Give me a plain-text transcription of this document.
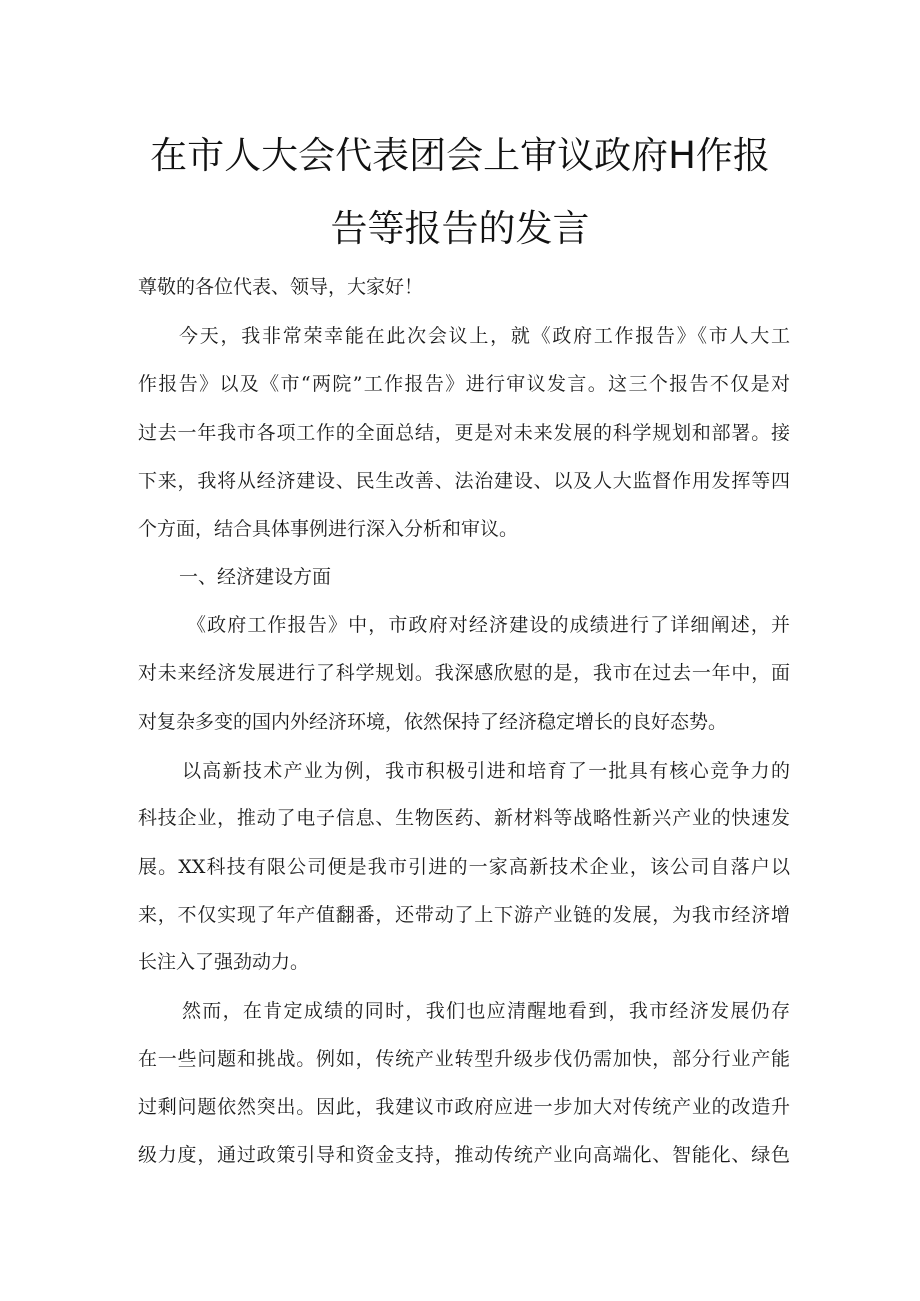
在市人大会代表团会上审议政府H作报
告等报告的发言
尊敬的各位代表、领导，大家好！
今天，我非常荣幸能在此次会议上，就《政府工作报告》《市人大工
作报告》以及《市“两院”工作报告》进行审议发言。这三个报告不仅是对
过去一年我市各项工作的全面总结，更是对未来发展的科学规划和部署。接
下来，我将从经济建设、民生改善、法治建设、以及人大监督作用发挥等四
个方面，结合具体事例进行深入分析和审议。
一、经济建设方面
《政府工作报告》中，市政府对经济建设的成绩进行了详细阐述，并
对未来经济发展进行了科学规划。我深感欣慰的是，我市在过去一年中，面
对复杂多变的国内外经济环境，依然保持了经济稳定增长的良好态势。
以高新技术产业为例，我市积极引进和培育了一批具有核心竞争力的
科技企业，推动了电子信息、生物医药、新材料等战略性新兴产业的快速发
展。XX科技有限公司便是我市引进的一家高新技术企业，该公司自落户以
来，不仅实现了年产值翻番，还带动了上下游产业链的发展，为我市经济增
长注入了强劲动力。
然而，在肯定成绩的同时，我们也应清醒地看到，我市经济发展仍存
在一些问题和挑战。例如，传统产业转型升级步伐仍需加快，部分行业产能
过剩问题依然突出。因此，我建议市政府应进一步加大对传统产业的改造升
级力度，通过政策引导和资金支持，推动传统产业向高端化、智能化、绿色
